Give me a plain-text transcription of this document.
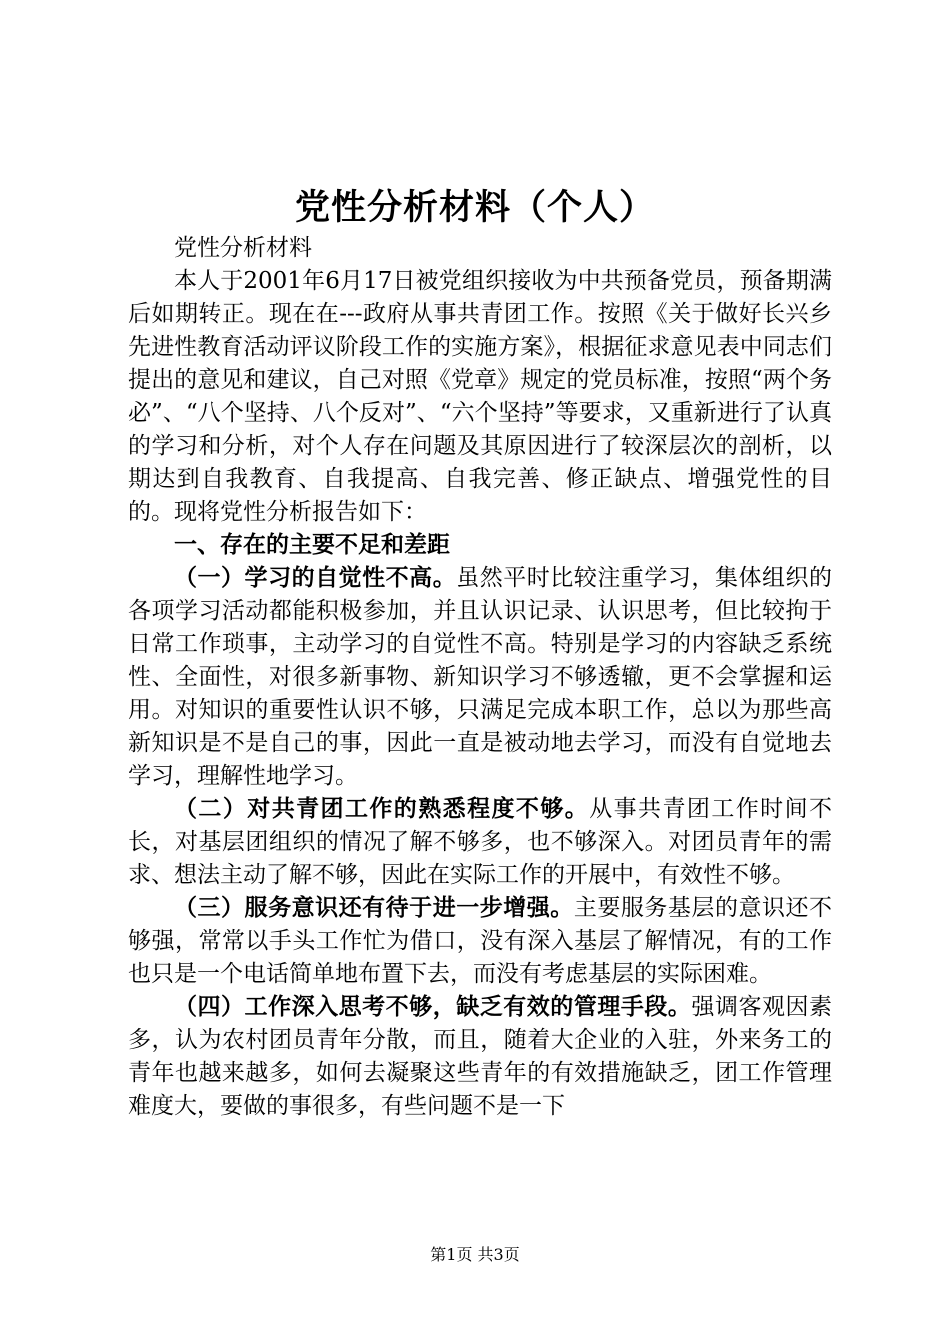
党性分析材料（个人）

党性分析材料

本人于2001年6月17日被党组织接收为中共预备党员，预备期满后如期转正。现在在---政府从事共青团工作。按照《关于做好长兴乡先进性教育活动评议阶段工作的实施方案》，根据征求意见表中同志们提出的意见和建议，自己对照《党章》规定的党员标准，按照“两个务必”、“八个坚持、八个反对”、“六个坚持”等要求，又重新进行了认真的学习和分析，对个人存在问题及其原因进行了较深层次的剖析，以期达到自我教育、自我提高、自我完善、修正缺点、增强党性的目的。现将党性分析报告如下：

一、存在的主要不足和差距

（一）学习的自觉性不高。虽然平时比较注重学习，集体组织的各项学习活动都能积极参加，并且认识记录、认识思考，但比较拘于日常工作琐事，主动学习的自觉性不高。特别是学习的内容缺乏系统性、全面性，对很多新事物、新知识学习不够透辙，更不会掌握和运用。对知识的重要性认识不够，只满足完成本职工作，总以为那些高新知识是不是自己的事，因此一直是被动地去学习，而没有自觉地去学习，理解性地学习。

（二）对共青团工作的熟悉程度不够。从事共青团工作时间不长，对基层团组织的情况了解不够多，也不够深入。对团员青年的需求、想法主动了解不够，因此在实际工作的开展中，有效性不够。

（三）服务意识还有待于进一步增强。主要服务基层的意识还不够强，常常以手头工作忙为借口，没有深入基层了解情况，有的工作也只是一个电话简单地布置下去，而没有考虑基层的实际困难。

（四）工作深入思考不够，缺乏有效的管理手段。强调客观因素多，认为农村团员青年分散，而且，随着大企业的入驻，外来务工的青年也越来越多，如何去凝聚这些青年的有效措施缺乏，团工作管理难度大，要做的事很多，有些问题不是一下

第1页 共3页
